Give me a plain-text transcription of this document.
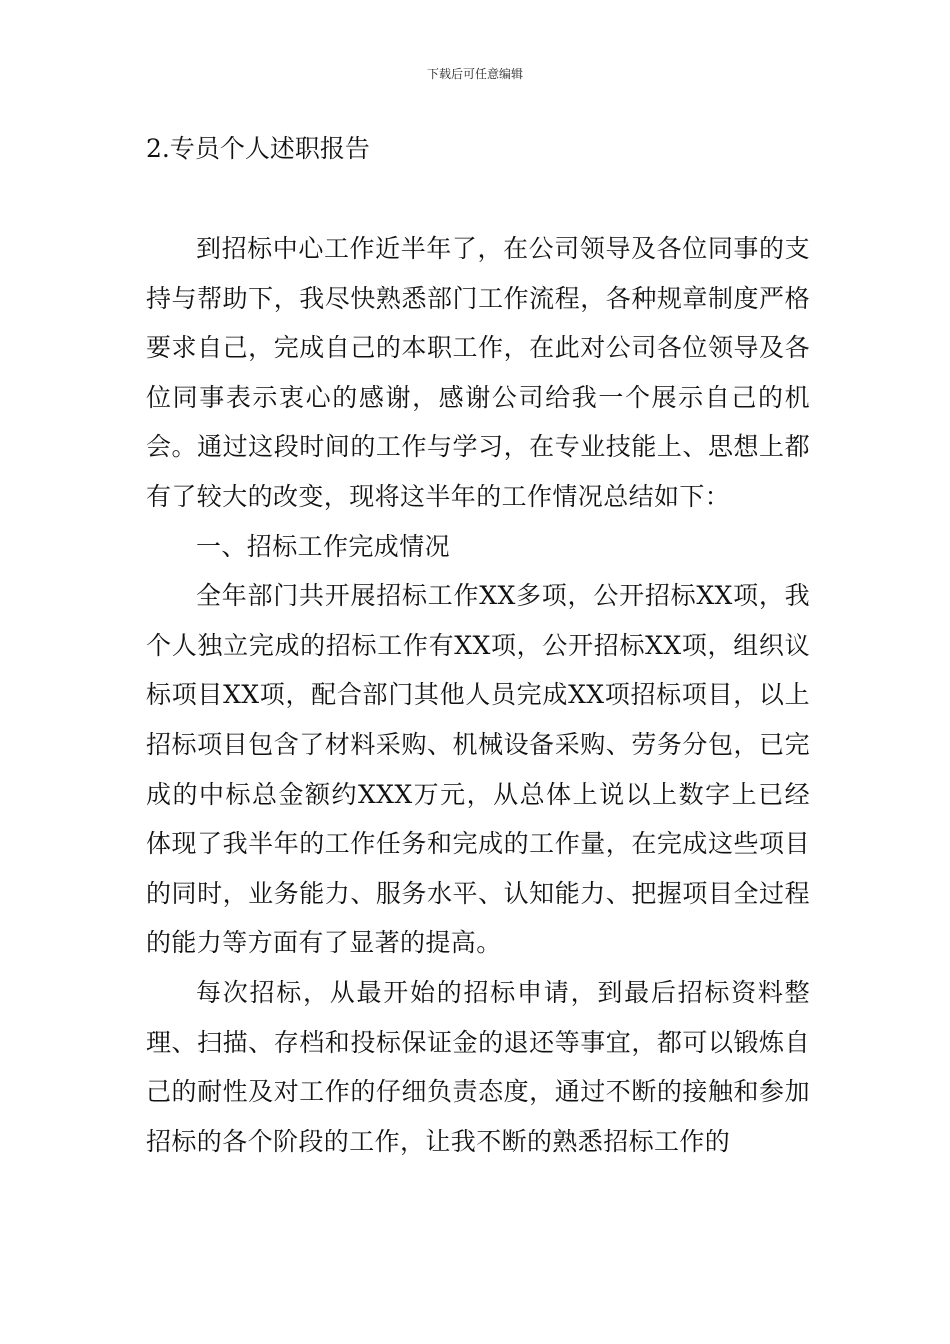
下载后可任意编辑
2.专员个人述职报告

到招标中心工作近半年了，在公司领导及各位同事的支持与帮助下，我尽快熟悉部门工作流程，各种规章制度严格要求自己，完成自己的本职工作，在此对公司各位领导及各位同事表示衷心的感谢，感谢公司给我一个展示自己的机会。通过这段时间的工作与学习，在专业技能上、思想上都有了较大的改变，现将这半年的工作情况总结如下：

一、招标工作完成情况

全年部门共开展招标工作XX多项，公开招标XX项，我个人独立完成的招标工作有XX项，公开招标XX项，组织议标项目XX项，配合部门其他人员完成XX项招标项目，以上招标项目包含了材料采购、机械设备采购、劳务分包，已完成的中标总金额约XXX万元，从总体上说以上数字上已经体现了我半年的工作任务和完成的工作量，在完成这些项目的同时，业务能力、服务水平、认知能力、把握项目全过程的能力等方面有了显著的提高。

每次招标，从最开始的招标申请，到最后招标资料整理、扫描、存档和投标保证金的退还等事宜，都可以锻炼自己的耐性及对工作的仔细负责态度，通过不断的接触和参加招标的各个阶段的工作，让我不断的熟悉招标工作的
